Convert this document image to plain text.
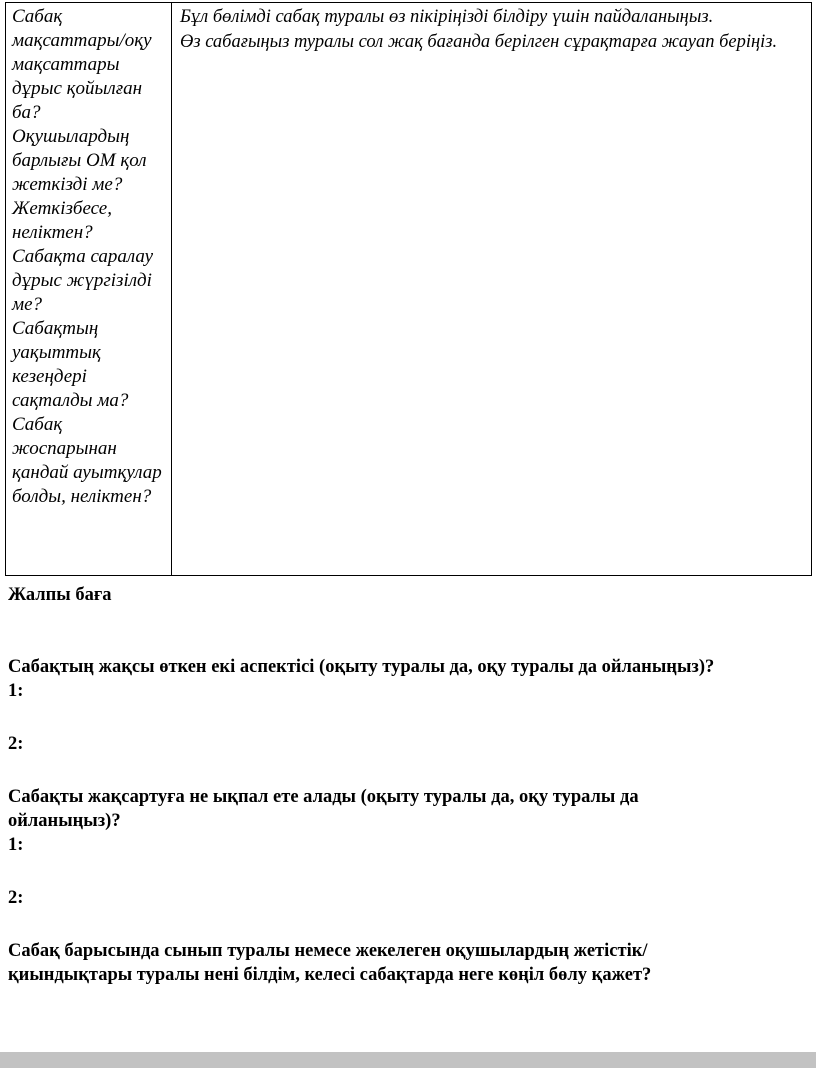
Сабақ мақсаттары/оқу мақсаттары дұрыс қойылған ба?
Оқушылардың барлығы ОМ қол жеткізді ме?
Жеткізбесе, неліктен?
Сабақта саралау дұрыс жүргізілді ме?
Сабақтың уақыттық кезеңдері сақталды ма?
Сабақ жоспарынан қандай ауытқулар болды, неліктен?
Бұл бөлімді сабақ туралы өз пікіріңізді білдіру үшін пайдаланыңыз.
Өз сабағыңыз туралы сол жақ бағанда берілген сұрақтарға жауап беріңіз.
Жалпы баға
Сабақтың жақсы өткен екі аспектісі (оқыту туралы да, оқу туралы да ойланыңыз)?
1:
2:
Сабақты жақсартуға не ықпал ете алады (оқыту туралы да, оқу туралы да ойланыңыз)?
1:
2:
Сабақ барысында сынып туралы немесе жекелеген оқушылардың жетістік/қиындықтары туралы нені білдім, келесі сабақтарда неге көңіл бөлу қажет?
